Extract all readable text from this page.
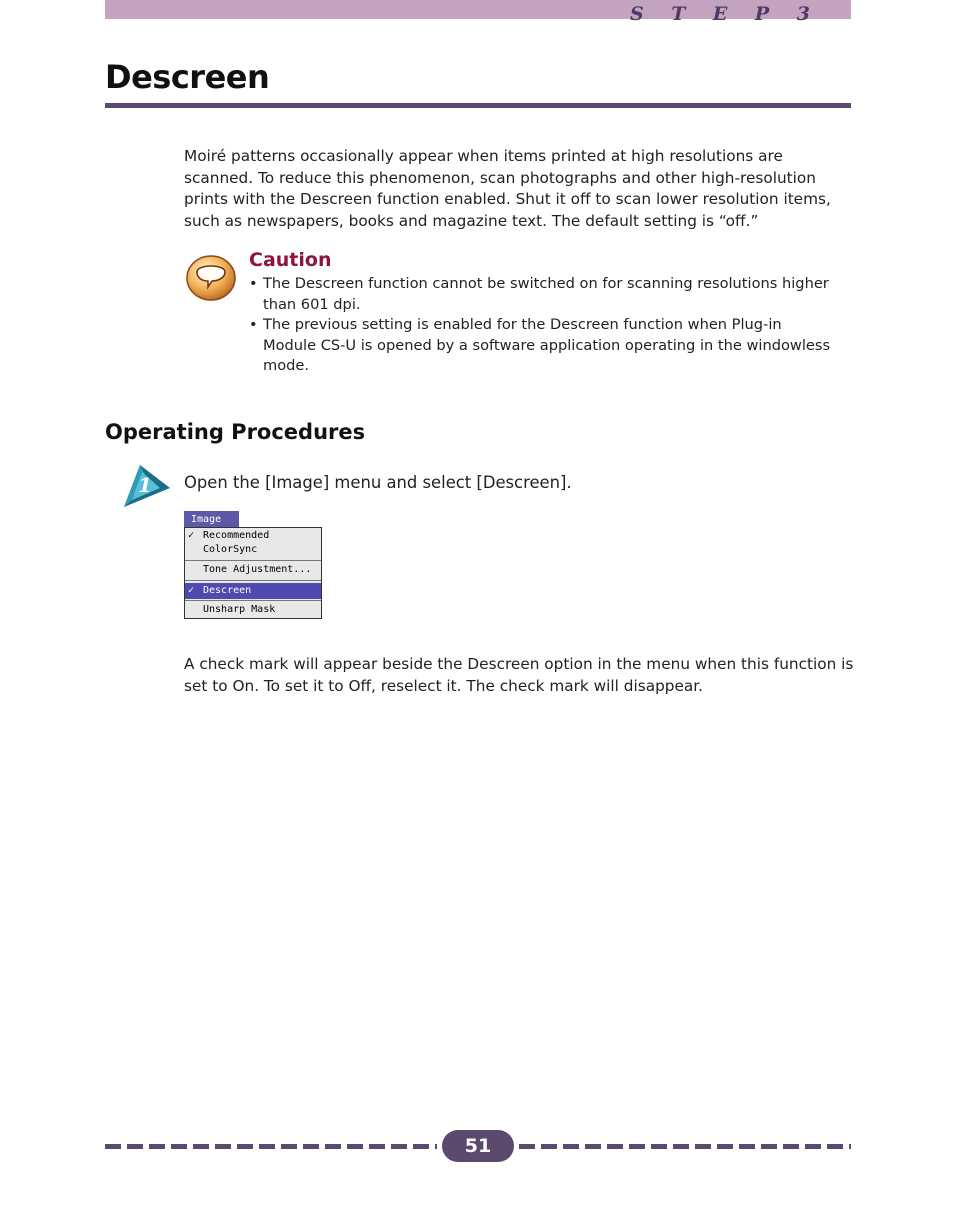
S T E P 3
Descreen

Moiré patterns occasionally appear when items printed at high resolutions are scanned. To reduce this phenomenon, scan photographs and other high-resolution prints with the Descreen function enabled. Shut it off to scan lower resolution items, such as newspapers, books and magazine text. The default setting is “off.”

Caution
• The Descreen function cannot be switched on for scanning resolutions higher than 601 dpi.
• The previous setting is enabled for the Descreen function when Plug-in Module CS-U is opened by a software application operating in the windowless mode.
Operating Procedures
1 Open the [Image] menu and select [Descreen].
Image
✓ Recommended
ColorSync
Tone Adjustment...
✓ Descreen
Unsharp Mask

A check mark will appear beside the Descreen option in the menu when this function is set to On. To set it to Off, reselect it. The check mark will disappear.

51
